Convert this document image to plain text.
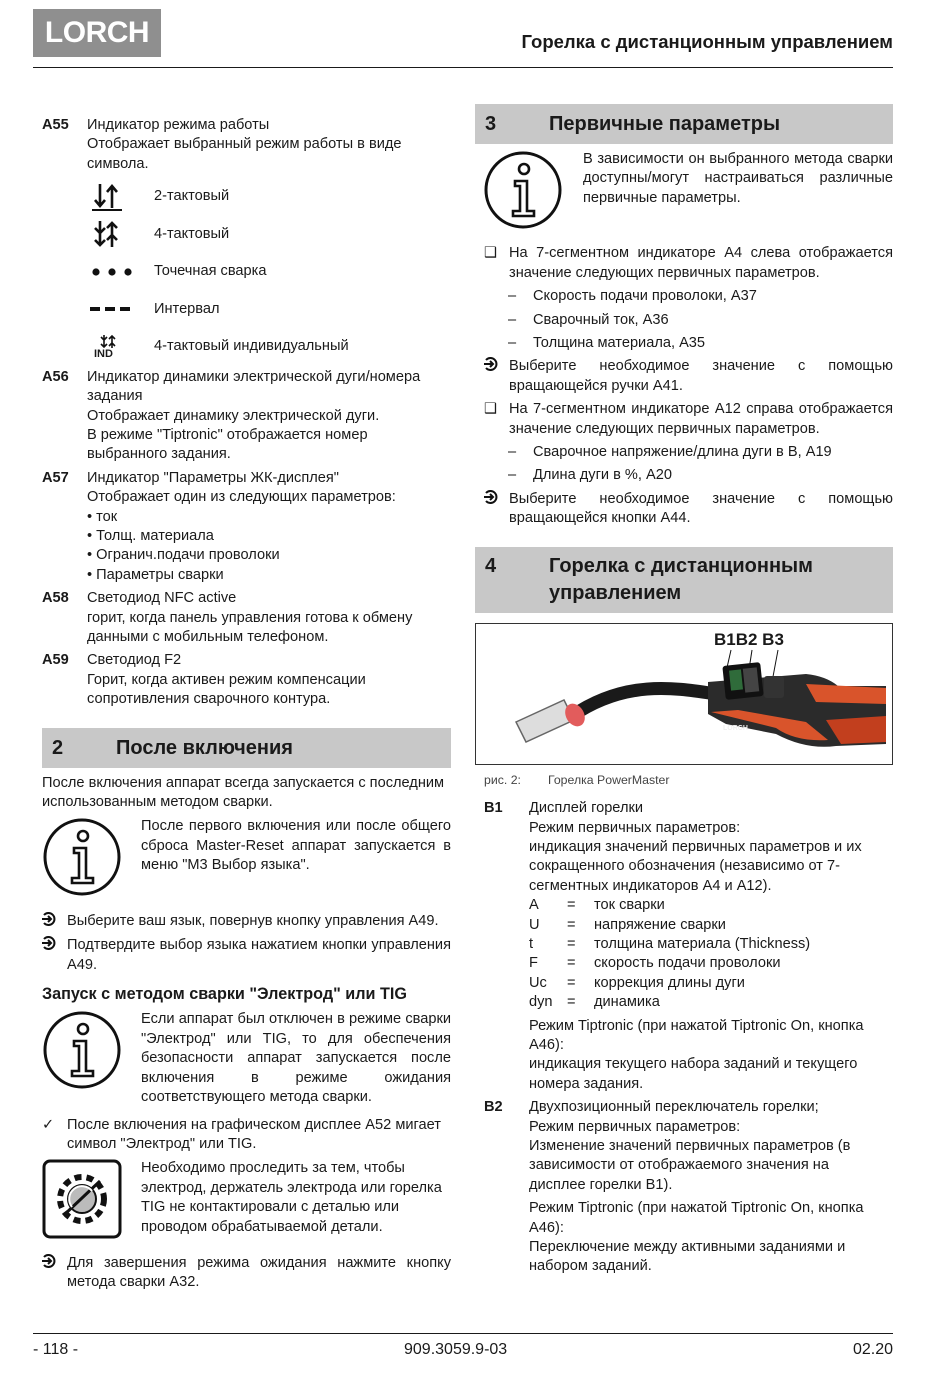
LORCH	Горелка с дистанционным управлением
A55	Индикатор режима работы
Отображает выбранный режим работы в виде символа.
2-тактовый
4-тактовый
Точечная сварка
Интервал
IND	4-тактовый индивидуальный
A56	Индикатор динамики электрической дуги/номера задания
Отображает динамику электрической дуги.
В режиме "Tiptronic" отображается номер выбранного задания.
A57	Индикатор "Параметры ЖК-дисплея"
Отображает один из следующих параметров:
• ток
• Толщ. материала
• Огранич.подачи проволоки
• Параметры сварки
A58	Светодиод NFC active
горит, когда панель управления готова к обмену данными с мобильным телефоном.
A59	Светодиод F2
Горит, когда активен режим компенсации сопротивления сварочного контура.
2	После включения
После включения аппарат всегда запускается с последним использованным методом сварки.
После первого включения или после общего сброса Master-Reset аппарат запускается в меню "М3 Выбор языка".
Выберите ваш язык, повернув кнопку управления A49.
Подтвердите выбор языка нажатием кнопки управления A49.
Запуск с методом сварки "Электрод" или TIG
Если аппарат был отключен в режиме сварки "Электрод" или TIG, то для обеспечения безопасности аппарат запускается после включения в режиме ожидания соответствующего метода сварки.
✓ После включения на графическом дисплее A52 мигает символ "Электрод" или TIG.
Необходимо проследить за тем, чтобы электрод, держатель электрода или горелка TIG не контактировали с деталью или проводом обрабатываемой детали.
Для завершения режима ожидания нажмите кнопку метода сварки A32.
3	Первичные параметры
В зависимости он выбранного метода сварки доступны/могут настраиваться различные первичные параметры.
❑ На 7-сегментном индикаторе A4 слева отображается значение следующих первичных параметров.
–	Скорость подачи проволоки, A37
–	Сварочный ток, A36
–	Толщина материала, A35
Выберите необходимое значение с помощью вращающейся ручки A41.
❑ На 7-сегментном индикаторе A12 справа отображается значение следующих первичных параметров.
–	Сварочное напряжение/длина дуги в В, A19
–	Длина дуги в %, A20
Выберите необходимое значение с помощью вращающейся кнопки A44.
4	Горелка с дистанционным
управлением
B1B2 B3
LORCH
рис. 2:	Горелка PowerMaster
B1	Дисплей горелки
Режим первичных параметров:
индикация значений первичных параметров и их сокращенного обозначения (независимо от 7-сегментных индикаторов A4 и A12).
A	=	ток сварки
U	=	напряжение сварки
t	=	толщина материала (Thickness)
F	=	скорость подачи проволоки
Uc	=	коррекция длины дуги
dyn =	динамика
Режим Tiptronic (при нажатой Tiptronic On, кнопка A46):
индикация текущего набора заданий и текущего номера задания.
B2	Двухпозиционный переключатель горелки;
Режим первичных параметров:
Изменение значений первичных параметров (в зависимости от отображаемого значения на дисплее горелки B1).
Режим Tiptronic (при нажатой Tiptronic On, кнопка A46):
Переключение между активными заданиями и набором заданий.
- 118 -	909.3059.9-03	02.20
